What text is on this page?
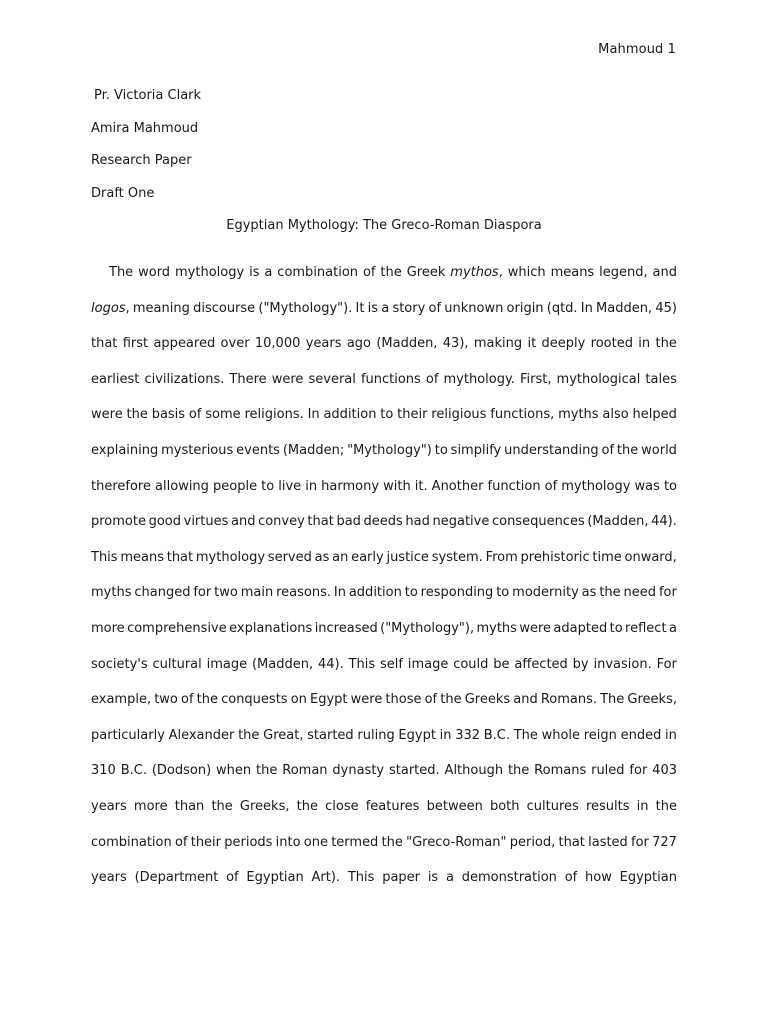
Mahmoud 1
Pr. Victoria Clark
Amira Mahmoud
Research Paper
Draft One
Egyptian Mythology: The Greco-Roman Diaspora
The word mythology is a combination of the Greek mythos, which means legend, and
logos, meaning discourse ("Mythology"). It is a story of unknown origin (qtd. In Madden, 45)
that first appeared over 10,000 years ago (Madden, 43), making it deeply rooted in the
earliest civilizations. There were several functions of mythology. First, mythological tales
were the basis of some religions. In addition to their religious functions, myths also helped
explaining mysterious events (Madden; "Mythology") to simplify understanding of the world
therefore allowing people to live in harmony with it. Another function of mythology was to
promote good virtues and convey that bad deeds had negative consequences (Madden, 44).
This means that mythology served as an early justice system. From prehistoric time onward,
myths changed for two main reasons. In addition to responding to modernity as the need for
more comprehensive explanations increased ("Mythology"), myths were adapted to reflect a
society's cultural image (Madden, 44). This self image could be affected by invasion. For
example, two of the conquests on Egypt were those of the Greeks and Romans. The Greeks,
particularly Alexander the Great, started ruling Egypt in 332 B.C. The whole reign ended in
310 B.C. (Dodson) when the Roman dynasty started. Although the Romans ruled for 403
years more than the Greeks, the close features between both cultures results in the
combination of their periods into one termed the "Greco-Roman" period, that lasted for 727
years (Department of Egyptian Art). This paper is a demonstration of how Egyptian
